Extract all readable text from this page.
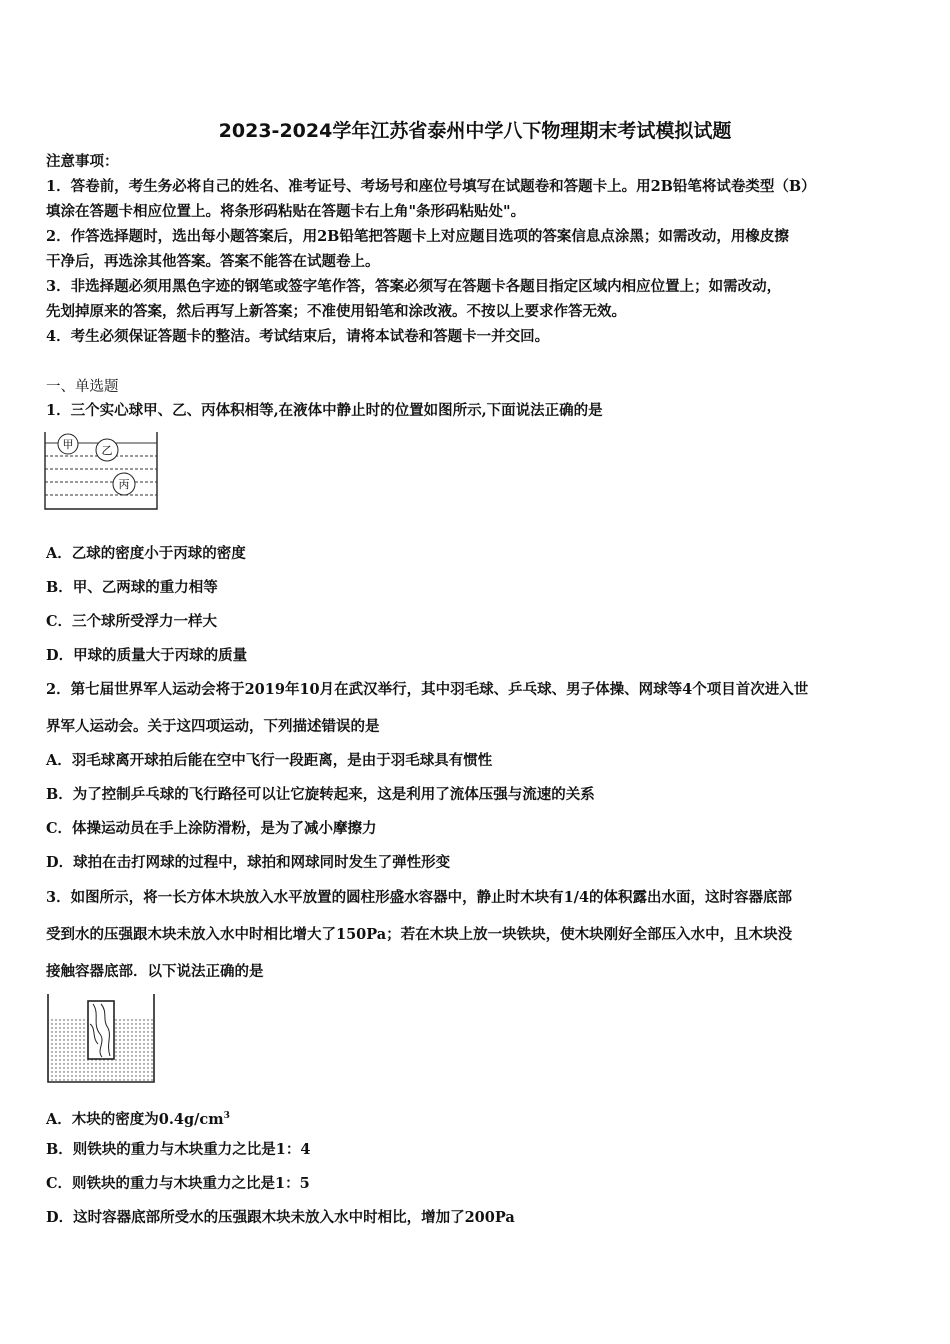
2023-2024学年江苏省泰州中学八下物理期末考试模拟试题
注意事项：
1．答卷前，考生务必将自己的姓名、准考证号、考场号和座位号填写在试题卷和答题卡上。用2B铅笔将试卷类型（B）
填涂在答题卡相应位置上。将条形码粘贴在答题卡右上角"条形码粘贴处"。
2．作答选择题时，选出每小题答案后，用2B铅笔把答题卡上对应题目选项的答案信息点涂黑；如需改动，用橡皮擦
干净后，再选涂其他答案。答案不能答在试题卷上。
3．非选择题必须用黑色字迹的钢笔或签字笔作答，答案必须写在答题卡各题目指定区域内相应位置上；如需改动，
先划掉原来的答案，然后再写上新答案；不准使用铅笔和涂改液。不按以上要求作答无效。
4．考生必须保证答题卡的整洁。考试结束后，请将本试卷和答题卡一并交回。
一、单选题
1．三个实心球甲、乙、丙体积相等,在液体中静止时的位置如图所示,下面说法正确的是
甲	乙
丙
A．乙球的密度小于丙球的密度
B．甲、乙两球的重力相等
C．三个球所受浮力一样大
D．甲球的质量大于丙球的质量
2．第七届世界军人运动会将于2019年10月在武汉举行，其中羽毛球、乒乓球、男子体操、网球等4个项目首次进入世
界军人运动会。关于这四项运动，下列描述错误的是
A．羽毛球离开球拍后能在空中飞行一段距离，是由于羽毛球具有惯性
B．为了控制乒乓球的飞行路径可以让它旋转起来，这是利用了流体压强与流速的关系
C．体操运动员在手上涂防滑粉，是为了减小摩擦力
D．球拍在击打网球的过程中，球拍和网球同时发生了弹性形变
3．如图所示，将一长方体木块放入水平放置的圆柱形盛水容器中，静止时木块有1/4的体积露出水面，这时容器底部
受到水的压强跟木块未放入水中时相比增大了150Pa；若在木块上放一块铁块，使木块刚好全部压入水中，且木块没
接触容器底部．以下说法正确的是
A．木块的密度为$0.4g/cm^3$
B．则铁块的重力与木块重力之比是1：4
C．则铁块的重力与木块重力之比是1：5
D．这时容器底部所受水的压强跟木块未放入水中时相比，增加了200Pa
